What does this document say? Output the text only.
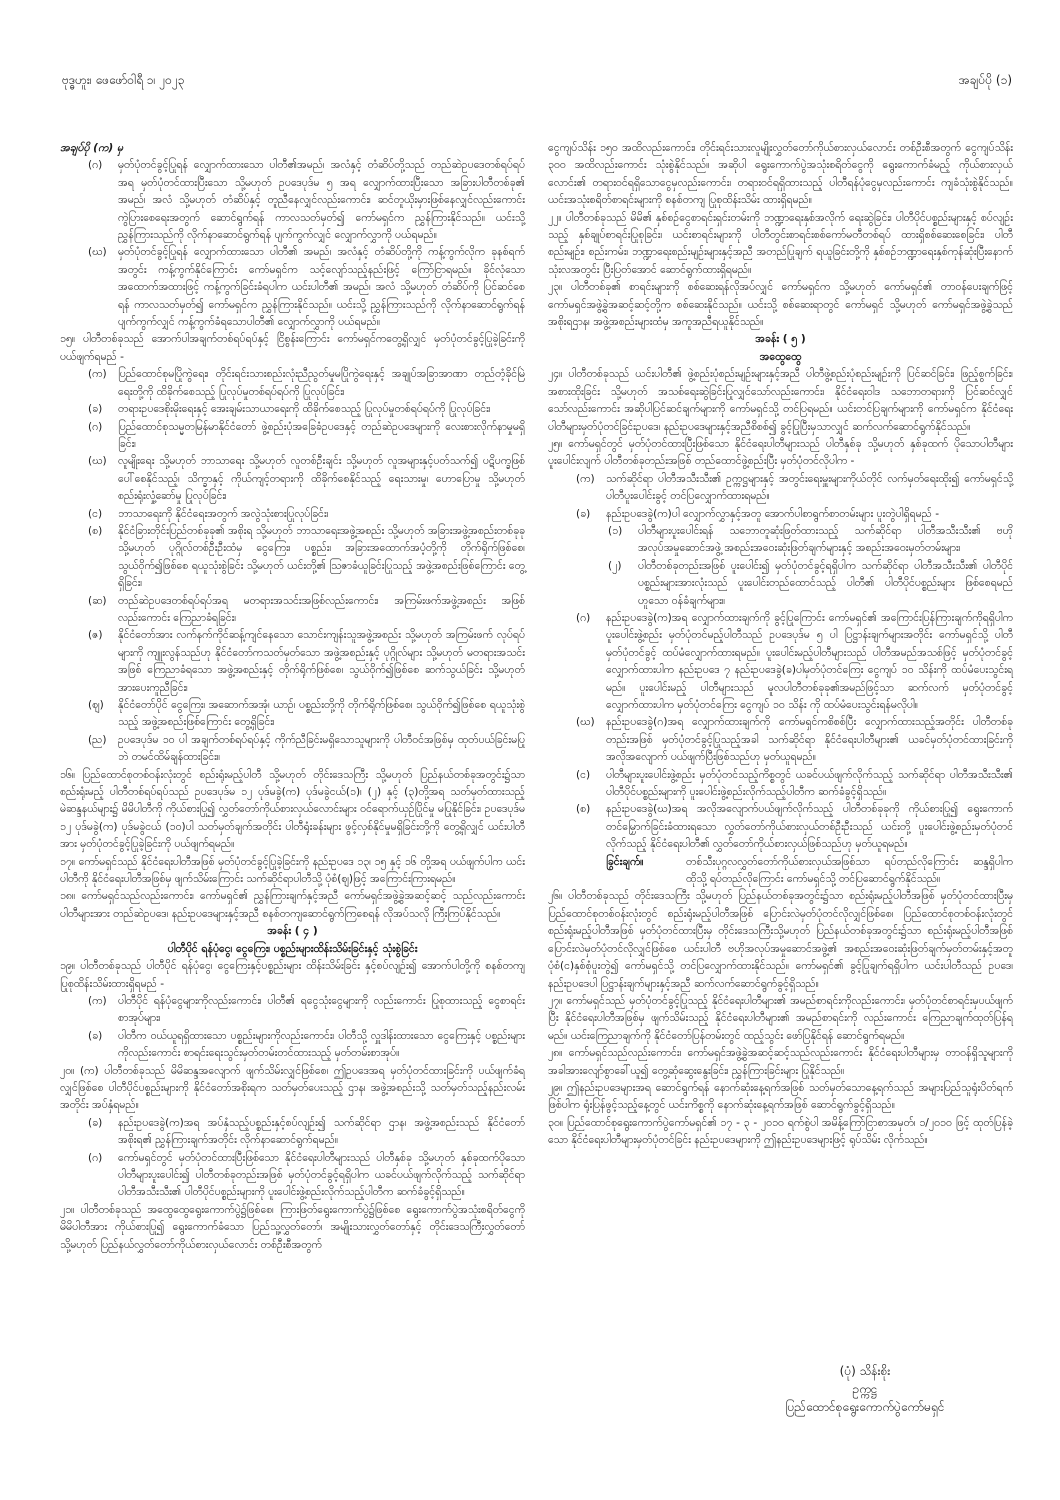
ဗုဒ္ဓဟူး၊ ဖေဖော်ဝါရီ ၁၊ ၂၀၂၃	အချပ်ပို (၁)
အချပ်ပို (က) မှ
(ဂ)	မှတ်ပုံတင်ခွင့်ပြုရန် လျှောက်ထားသော ပါတီ၏အမည်၊ အလံနှင့် တံဆိပ်တို့သည် တည်ဆဲဥပဒေတစ်ရပ်ရပ်အရ မှတ်ပုံတင်ထားပြီးသော သို့မဟုတ် ဥပဒေပုဒ်မ ၅ အရ လျှောက်ထားပြီးသော အခြားပါတီတစ်ခု၏ အမည်၊ အလံ သို့မဟုတ် တံဆိပ်နှင့် တူညီနေလျှင်လည်းကောင်း၊ ဆင်တူယိုးမှားဖြစ်နေလျှင်လည်းကောင်း ကွဲပြားစေရေးအတွက် ဆောင်ရွက်ရန် ကာလသတ်မှတ်၍ ကော်မရှင်က ညွှန်ကြားနိုင်သည်။ ယင်းသို့ ညွှန်ကြားသည်ကို လိုက်နာဆောင်ရွက်ရန် ပျက်ကွက်လျှင် လျှောက်လွှာကို ပယ်ရမည်။
(ဃ)	မှတ်ပုံတင်ခွင့်ပြုရန် လျှောက်ထားသော ပါတီ၏ အမည်၊ အလံနှင့် တံဆိပ်တို့ကို ကန့်ကွက်လိုက ခုနစ်ရက်အတွင်း ကန့်ကွက်နိုင်ကြောင်း ကော်မရှင်က သင့်လျော်သည့်နည်းဖြင့် ကြော်ငြာရမည်။ ခိုင်လုံသောအထောက်အထားဖြင့် ကန့်ကွက်ခြင်းခံရပါက ယင်းပါတီ၏ အမည်၊ အလံ သို့မဟုတ် တံဆိပ်ကို ပြင်ဆင်စေရန် ကာလသတ်မှတ်၍ ကော်မရှင်က ညွှန်ကြားနိုင်သည်။ ယင်းသို့ ညွှန်ကြားသည်ကို လိုက်နာဆောင်ရွက်ရန် ပျက်ကွက်လျှင် ကန့်ကွက်ခံရသောပါတီ၏ လျှောက်လွှာကို ပယ်ရမည်။
၁၅။ ပါတီတစ်ခုသည် အောက်ပါအချက်တစ်ရပ်ရပ်နှင့် ငြိစွန်းကြောင်း ကော်မရှင်ကတွေ့ရှိလျှင် မှတ်ပုံတင်ခွင့်ပြုခဲ့ခြင်းကို ပယ်ဖျက်ရမည် -
(က)	ပြည်ထောင်စုမပြိုကွဲရေး၊ တိုင်းရင်းသားစည်းလုံးညီညွတ်မှုမပြိုကွဲရေးနှင့် အချုပ်အခြာအာဏာ တည်တံ့ခိုင်မြဲရေးတို့ကို ထိခိုက်စေသည့် ပြုလုပ်မှုတစ်ရပ်ရပ်ကို ပြုလုပ်ခြင်း၊
(ခ)	တရားဥပဒေစိုးမိုးရေးနှင့် အေးချမ်းသာယာရေးကို ထိခိုက်စေသည့် ပြုလုပ်မှုတစ်ရပ်ရပ်ကို ပြုလုပ်ခြင်း၊
(ဂ)	ပြည်ထောင်စုသမ္မတမြန်မာနိုင်ငံတော် ဖွဲ့စည်းပုံအခြေခံဥပဒေနှင့် တည်ဆဲဥပဒေများကို လေးစားလိုက်နာမှုမရှိခြင်း၊
(ဃ)	လူမျိုးရေး သို့မဟုတ် ဘာသာရေး သို့မဟုတ် လူတစ်ဦးချင်း သို့မဟုတ် လူအများနှင့်ပတ်သက်၍ ပဋိပက္ခဖြစ်ပေါ်စေနိုင်သည့်၊ သိက္ခာနှင့် ကိုယ်ကျင့်တရားကို ထိခိုက်စေနိုင်သည့် ရေးသားမှု၊ ဟောပြောမှု သို့မဟုတ် စည်းရုံးလှုံ့ဆော်မှု ပြုလုပ်ခြင်း၊
(င)	ဘာသာရေးကို နိုင်ငံရေးအတွက် အလွဲသုံးစားပြုလုပ်ခြင်း၊
(စ)	နိုင်ငံခြားတိုင်းပြည်တစ်ခုခု၏ အစိုးရ သို့မဟုတ် ဘာသာရေးအဖွဲ့အစည်း သို့မဟုတ် အခြားအဖွဲ့အစည်းတစ်ခုခု သို့မဟုတ် ပုဂ္ဂိုလ်တစ်ဦးဦးထံမှ ငွေကြေး၊ ပစ္စည်း၊ အခြားအထောက်အပံ့တို့ကို တိုက်ရိုက်ဖြစ်စေ၊ သွယ်ဝိုက်၍ဖြစ်စေ ရယူသုံးစွဲခြင်း သို့မဟုတ် ယင်းတို့၏ ဩဇာခံယူခြင်းပြုသည့် အဖွဲ့အစည်းဖြစ်ကြောင်း တွေ့ရှိခြင်း၊
(ဆ)	တည်ဆဲဥပဒေတစ်ရပ်ရပ်အရ မတရားအသင်းအဖြစ်လည်းကောင်း၊ အကြမ်းဖက်အဖွဲ့အစည်း အဖြစ်လည်းကောင်း ကြေညာခံရခြင်း၊
(ဇ)	နိုင်ငံတော်အား လက်နက်ကိုင်ဆန့်ကျင်နေသော သောင်းကျန်းသူအဖွဲ့အစည်း သို့မဟုတ် အကြမ်းဖက် လုပ်ရပ်များကို ကျူးလွန်သည်ဟု နိုင်ငံတော်ကသတ်မှတ်သော အဖွဲ့အစည်းနှင့် ပုဂ္ဂိုလ်များ သို့မဟုတ် မတရားအသင်းအဖြစ် ကြေညာခံရသော အဖွဲ့အစည်းနှင့် တိုက်ရိုက်ဖြစ်စေ၊ သွယ်ဝိုက်၍ဖြစ်စေ ဆက်သွယ်ခြင်း သို့မဟုတ် အားပေးကူညီခြင်း၊
(ဈ)	နိုင်ငံတော်ပိုင် ငွေကြေး၊ အဆောက်အအုံ၊ ယာဉ်၊ ပစ္စည်းတို့ကို တိုက်ရိုက်ဖြစ်စေ၊ သွယ်ဝိုက်၍ဖြစ်စေ ရယူသုံးစွဲသည့် အဖွဲ့အစည်းဖြစ်ကြောင်း တွေ့ရှိခြင်း၊
(ည)	ဥပဒေပုဒ်မ ၁၀ ပါ အချက်တစ်ရပ်ရပ်နှင့် ကိုက်ညီခြင်းမရှိသောသူများကို ပါတီဝင်အဖြစ်မှ ထုတ်ပယ်ခြင်းမပြုဘဲ တမင်ထိမ်ချန်ထားခြင်း။
၁၆။ ပြည်ထောင်စုတစ်ဝန်းလုံးတွင် စည်းရုံးမည့်ပါတီ သို့မဟုတ် တိုင်းဒေသကြီး သို့မဟုတ် ပြည်နယ်တစ်ခုအတွင်း၌သာ စည်းရုံးမည့် ပါတီတစ်ရပ်ရပ်သည် ဥပဒေပုဒ်မ ၁၂ ပုဒ်မခွဲ(က) ပုဒ်မခွဲငယ်(၁)၊ (၂) နှင့် (၃)တို့အရ သတ်မှတ်ထားသည့် မဲဆန္ဒနယ်များ၌ မိမိပါတီကို ကိုယ်စားပြု၍ လွှတ်တော်ကိုယ်စားလှယ်လောင်းများ ဝင်ရောက်ယှဉ်ပြိုင်မှု မပြုနိုင်ခြင်း၊ ဥပဒေပုဒ်မ ၁၂ ပုဒ်မခွဲ(က) ပုဒ်မခွဲငယ် (၁၀)ပါ သတ်မှတ်ချက်အတိုင်း ပါတီရုံးခန်းများ ဖွင့်လှစ်နိုင်မှုမရှိခြင်းတို့ကို တွေ့ရှိလျှင် ယင်းပါတီအား မှတ်ပုံတင်ခွင့်ပြုခဲ့ခြင်းကို ပယ်ဖျက်ရမည်။
၁၇။ ကော်မရှင်သည် နိုင်ငံရေးပါတီအဖြစ် မှတ်ပုံတင်ခွင့်ပြုခဲ့ခြင်းကို နည်းဥပဒေ ၁၃၊ ၁၅ နှင့် ၁၆ တို့အရ ပယ်ဖျက်ပါက ယင်းပါတီကို နိုင်ငံရေးပါတီအဖြစ်မှ ဖျက်သိမ်းကြောင်း သက်ဆိုင်ရာပါတီသို့ ပုံစံ(ဈ)ဖြင့် အကြောင်းကြားရမည်။
၁၈။ ကော်မရှင်သည်လည်းကောင်း၊ ကော်မရှင်၏ ညွှန်ကြားချက်နှင့်အညီ ကော်မရှင်အဖွဲ့ခွဲအဆင့်ဆင့် သည်လည်းကောင်း ပါတီများအား တည်ဆဲဥပဒေ၊ နည်းဥပဒေများနှင့်အညီ စနစ်တကျဆောင်ရွက်ကြစေရန် လိုအပ်သလို ကြီးကြပ်နိုင်သည်။
အခန်း ( ၄ )
ပါတီပိုင် ရန်ပုံငွေ၊ ငွေကြေး၊ ပစ္စည်းများထိန်းသိမ်းခြင်းနှင့် သုံးစွဲခြင်း
၁၉။ ပါတီတစ်ခုသည် ပါတီပိုင် ရန်ပုံငွေ၊ ငွေကြေးနှင့်ပစ္စည်းများ ထိန်းသိမ်းခြင်း နှင့်စပ်လျဉ်း၍ အောက်ပါတို့ကို စနစ်တကျ ပြုစုထိန်းသိမ်းထားရှိရမည် -
(က)	ပါတီပိုင် ရန်ပုံငွေများကိုလည်းကောင်း၊ ပါတီ၏ ရငွေသုံးငွေများကို လည်းကောင်း ပြုစုထားသည့် ငွေစာရင်းစာအုပ်များ၊
(ခ)	ပါတီက ဝယ်ယူရရှိထားသော ပစ္စည်းများကိုလည်းကောင်း၊ ပါတီသို့ လှူဒါန်းထားသော ငွေကြေးနှင့် ပစ္စည်းများကိုလည်းကောင်း စာရင်းရေးသွင်းမှတ်တမ်းတင်ထားသည့် မှတ်တမ်းစာအုပ်။
၂၀။ (က) ပါတီတစ်ခုသည် မိမိဆန္ဒအလျောက် ဖျက်သိမ်းလျှင်ဖြစ်စေ၊ ဤဥပဒေအရ မှတ်ပုံတင်ထားခြင်းကို ပယ်ဖျက်ခံရလျှင်ဖြစ်စေ ပါတီပိုင်ပစ္စည်းများကို နိုင်ငံတော်အစိုးရက သတ်မှတ်ပေးသည့် ဌာန၊ အဖွဲ့အစည်းသို့ သတ်မှတ်သည့်နည်းလမ်းအတိုင်း အပ်နှံရမည်။
(ခ)	နည်းဥပဒေခွဲ(က)အရ အပ်နှံသည့်ပစ္စည်းနှင့်စပ်လျဉ်း၍ သက်ဆိုင်ရာ ဌာန၊ အဖွဲ့အစည်းသည် နိုင်ငံတော်အစိုးရ၏ ညွှန်ကြားချက်အတိုင်း လိုက်နာဆောင်ရွက်ရမည်။
(ဂ)	ကော်မရှင်တွင် မှတ်ပုံတင်ထားပြီးဖြစ်သော နိုင်ငံရေးပါတီများသည် ပါတီနှစ်ခု သို့မဟုတ် နှစ်ခုထက်ပိုသော ပါတီများပူးပေါင်း၍ ပါတီတစ်ခုတည်းအဖြစ် မှတ်ပုံတင်ခွင့်ရရှိပါက ယခင်ပယ်ဖျက်လိုက်သည့် သက်ဆိုင်ရာ ပါတီအသီးသီး၏ ပါတီပိုင်ပစ္စည်းများကို ပူးပေါင်းဖွဲ့စည်းလိုက်သည့်ပါတီက ဆက်ခံခွင့်ရှိသည်။
၂၁။ ပါတီတစ်ခုသည် အထွေထွေရွေးကောက်ပွဲ၌ဖြစ်စေ၊ ကြားဖြတ်ရွေးကောက်ပွဲ၌ဖြစ်စေ ရွေးကောက်ပွဲအသုံးစရိတ်ငွေကို မိမိပါတီအား ကိုယ်စားပြု၍ ရွေးကောက်ခံသော ပြည်သူ့လွှတ်တော်၊ အမျိုးသားလွှတ်တော်နှင့် တိုင်းဒေသကြီးလွှတ်တော် သို့မဟုတ် ပြည်နယ်လွှတ်တော်ကိုယ်စားလှယ်လောင်း တစ်ဦးစီအတွက်
ငွေကျပ်သိန်း ၁၅၀ အထိလည်းကောင်း၊ တိုင်းရင်းသားလူမျိုးလွှတ်တော်ကိုယ်စားလှယ်လောင်း တစ်ဦးစီအတွက် ငွေကျပ်သိန်း ၃၀၀ အထိလည်းကောင်း သုံးစွဲနိုင်သည်။ အဆိုပါ ရွေးကောက်ပွဲအသုံးစရိတ်ငွေကို ရွေးကောက်ခံမည့် ကိုယ်စားလှယ်လောင်း၏ တရားဝင်ရရှိသောငွေမှလည်းကောင်း၊ တရားဝင်ရရှိထားသည့် ပါတီရန်ပုံငွေမှလည်းကောင်း ကျခံသုံးစွဲနိုင်သည်။ ယင်းအသုံးစရိတ်စာရင်းများကို စနစ်တကျ ပြုစုထိန်းသိမ်း ထားရှိရမည်။
၂၂။ ပါတီတစ်ခုသည် မိမိ၏ နှစ်စဉ်ငွေစာရင်းရှင်းတမ်းကို ဘဏ္ဍာရေးနှစ်အလိုက် ရေးဆွဲခြင်း၊ ပါတီပိုင်ပစ္စည်းများနှင့် စပ်လျဉ်းသည့် နှစ်ချုပ်စာရင်းပြုစုခြင်း၊ ယင်းစာရင်းများကို ပါတီတွင်းစာရင်းစစ်ကော်မတီတစ်ရပ် ထားရှိစစ်ဆေးစေခြင်း၊ ပါတီစည်းမျဉ်း၊ စည်းကမ်း၊ ဘဏ္ဍာရေးစည်းမျဉ်းများနှင့်အညီ အတည်ပြုချက် ရယူခြင်းတို့ကို နှစ်စဉ်ဘဏ္ဍာရေးနှစ်ကုန်ဆုံးပြီးနောက် သုံးလအတွင်း ပြီးပြတ်အောင် ဆောင်ရွက်ထားရှိရမည်။
၂၃။ ပါတီတစ်ခု၏ စာရင်းများကို စစ်ဆေးရန်လိုအပ်လျှင် ကော်မရှင်က သို့မဟုတ် ကော်မရှင်၏ တာဝန်ပေးချက်ဖြင့် ကော်မရှင်အဖွဲ့ခွဲအဆင့်ဆင့်တို့က စစ်ဆေးနိုင်သည်။ ယင်းသို့ စစ်ဆေးရာတွင် ကော်မရှင် သို့မဟုတ် ကော်မရှင်အဖွဲ့ခွဲသည် အစိုးရဌာန၊ အဖွဲ့အစည်းများထံမှ အကူအညီရယူနိုင်သည်။
အခန်း ( ၅ )
အထွေထွေ
၂၄။ ပါတီတစ်ခုသည် ယင်းပါတီ၏ ဖွဲ့စည်းပုံစည်းမျဉ်းများနှင့်အညီ ပါတီဖွဲ့စည်းပုံစည်းမျဉ်းကို ပြင်ဆင်ခြင်း၊ ဖြည့်စွက်ခြင်း၊ အစားထိုးခြင်း သို့မဟုတ် အသစ်ရေးဆွဲခြင်းပြုလျှင်သော်လည်းကောင်း၊ နိုင်ငံရေးဝါဒ သဘောတရားကို ပြင်ဆင်လျှင်သော်လည်းကောင်း အဆိုပါပြင်ဆင်ချက်များကို ကော်မရှင်သို့ တင်ပြရမည်။ ယင်းတင်ပြချက်များကို ကော်မရှင်က နိုင်ငံရေးပါတီများမှတ်ပုံတင်ခြင်းဥပဒေ၊ နည်းဥပဒေများနှင့်အညီစိစစ်၍ ခွင့်ပြုပြီးမှသာလျှင် ဆက်လက်ဆောင်ရွက်နိုင်သည်။
၂၅။ ကော်မရှင်တွင် မှတ်ပုံတင်ထားပြီးဖြစ်သော နိုင်ငံရေးပါတီများသည် ပါတီနှစ်ခု သို့မဟုတ် နှစ်ခုထက် ပိုသောပါတီများ ပူးပေါင်းလျက် ပါတီတစ်ခုတည်းအဖြစ် တည်ထောင်ဖွဲ့စည်းပြီး မှတ်ပုံတင်လိုပါက -
(က)	သက်ဆိုင်ရာ ပါတီအသီးသီး၏ ဥက္ကဋ္ဌများနှင့် အတွင်းရေးမှူးများကိုယ်တိုင် လက်မှတ်ရေးထိုး၍ ကော်မရှင်သို့ ပါတီပူးပေါင်းခွင့် တင်ပြလျှောက်ထားရမည်။
(ခ)	နည်းဥပဒေခွဲ(က)ပါ လျှောက်လွှာနှင့်အတူ အောက်ပါစာရွက်စာတမ်းများ ပူးတွဲပါရှိရမည် -
(၁)	ပါတီများပူးပေါင်းရန် သဘောတူဆုံးဖြတ်ထားသည့် သက်ဆိုင်ရာ ပါတီအသီးသီး၏ ဗဟို အလုပ်အမှုဆောင်အဖွဲ့ အစည်းအဝေးဆုံးဖြတ်ချက်များနှင့် အစည်းအဝေးမှတ်တမ်းများ၊
(၂)	ပါတီတစ်ခုတည်းအဖြစ် ပူးပေါင်း၍ မှတ်ပုံတင်ခွင့်ရရှိပါက သက်ဆိုင်ရာ ပါတီအသီးသီး၏ ပါတီပိုင်ပစ္စည်းများအားလုံးသည် ပူးပေါင်းတည်ထောင်သည့် ပါတီ၏ ပါတီပိုင်ပစ္စည်းများ ဖြစ်စေရမည်ဟူသော ဝန်ခံချက်များ။
(ဂ)	နည်းဥပဒေခွဲ(က)အရ လျှောက်ထားချက်ကို ခွင့်ပြုကြောင်း ကော်မရှင်၏ အကြောင်းပြန်ကြားချက်ကိုရရှိပါက ပူးပေါင်းဖွဲ့စည်း မှတ်ပုံတင်မည့်ပါတီသည် ဥပဒေပုဒ်မ ၅ ပါ ပြဋ္ဌာန်းချက်များအတိုင်း ကော်မရှင်သို့ ပါတီမှတ်ပုံတင်ခွင့် ထပ်မံလျှောက်ထားရမည်။ ပူးပေါင်းမည့်ပါတီများသည် ပါတီအမည်အသစ်ဖြင့် မှတ်ပုံတင်ခွင့်လျှောက်ထားပါက နည်းဥပဒေ ၇ နည်းဥပဒေခွဲ(ခ)ပါမှတ်ပုံတင်ကြေး ငွေကျပ် ၁၀ သိန်းကို ထပ်မံပေးသွင်းရမည်။ ပူးပေါင်းမည့် ပါတီများသည် မူလပါတီတစ်ခုခု၏အမည်ဖြင့်သာ ဆက်လက် မှတ်ပုံတင်ခွင့် လျှောက်ထားပါက မှတ်ပုံတင်ကြေး ငွေကျပ် ၁၀ သိန်း ကို ထပ်မံပေးသွင်းရန်မလိုပါ။
(ဃ)	နည်းဥပဒေခွဲ(ဂ)အရ လျှောက်ထားချက်ကို ကော်မရှင်ကစိစစ်ပြီး လျှောက်ထားသည့်အတိုင်း ပါတီတစ်ခုတည်းအဖြစ် မှတ်ပုံတင်ခွင့်ပြုသည့်အခါ သက်ဆိုင်ရာ နိုင်ငံရေးပါတီများ၏ ယခင်မှတ်ပုံတင်ထားခြင်းကို အလိုအလျောက် ပယ်ဖျက်ပြီးဖြစ်သည်ဟု မှတ်ယူရမည်။
(င)	ပါတီများပူးပေါင်းဖွဲ့စည်း မှတ်ပုံတင်သည့်ကိစ္စတွင် ယခင်ပယ်ဖျက်လိုက်သည့် သက်ဆိုင်ရာ ပါတီအသီးသီး၏ ပါတီပိုင်ပစ္စည်းများကို ပူးပေါင်းဖွဲ့စည်းလိုက်သည့်ပါတီက ဆက်ခံခွင့်ရှိသည်။
(စ)	နည်းဥပဒေခွဲ(ဃ)အရ အလိုအလျောက်ပယ်ဖျက်လိုက်သည့် ပါတီတစ်ခုခုကို ကိုယ်စားပြု၍ ရွေးကောက်တင်မြှောက်ခြင်းခံထားရသော လွှတ်တော်ကိုယ်စားလှယ်တစ်ဦးဦးသည် ယင်းတို့ ပူးပေါင်းဖွဲ့စည်းမှတ်ပုံတင်လိုက်သည့် နိုင်ငံရေးပါတီ၏ လွှတ်တော်ကိုယ်စားလှယ်ဖြစ်သည်ဟု မှတ်ယူရမည်။
ခြွင်းချက်။	တစ်သီးပုဂ္ဂလလွှတ်တော်ကိုယ်စားလှယ်အဖြစ်သာ ရပ်တည်လိုကြောင်း ဆန္ဒရှိပါက ထိုသို့ ရပ်တည်လိုကြောင်း ကော်မရှင်သို့ တင်ပြဆောင်ရွက်နိုင်သည်။
၂၆။ ပါတီတစ်ခုသည် တိုင်းဒေသကြီး သို့မဟုတ် ပြည်နယ်တစ်ခုအတွင်း၌သာ စည်းရုံးမည့်ပါတီအဖြစ် မှတ်ပုံတင်ထားပြီးမှ ပြည်ထောင်စုတစ်ဝန်းလုံးတွင် စည်းရုံးမည့်ပါတီအဖြစ် ပြောင်းလဲမှတ်ပုံတင်လိုလျှင်ဖြစ်စေ၊ ပြည်ထောင်စုတစ်ဝန်းလုံးတွင် စည်းရုံးမည့်ပါတီအဖြစ် မှတ်ပုံတင်ထားပြီးမှ တိုင်းဒေသကြီးသို့မဟုတ် ပြည်နယ်တစ်ခုအတွင်း၌သာ စည်းရုံးမည့်ပါတီအဖြစ် ပြောင်းလဲမှတ်ပုံတင်လိုလျှင်ဖြစ်စေ ယင်းပါတီ ဗဟိုအလုပ်အမှုဆောင်အဖွဲ့၏ အစည်းအဝေးဆုံးဖြတ်ချက်မှတ်တမ်းနှင့်အတူ ပုံစံ(င)နှစ်စုံပူးတွဲ၍ ကော်မရှင်သို့ တင်ပြလျှောက်ထားနိုင်သည်။ ကော်မရှင်၏ ခွင့်ပြုချက်ရရှိပါက ယင်းပါတီသည် ဥပဒေ၊ နည်းဥပဒေပါ ပြဋ္ဌာန်းချက်များနှင့်အညီ ဆက်လက်ဆောင်ရွက်ခွင့်ရှိသည်။
၂၇။ ကော်မရှင်သည် မှတ်ပုံတင်ခွင့်ပြုသည့် နိုင်ငံရေးပါတီများ၏ အမည်စာရင်းကိုလည်းကောင်း၊ မှတ်ပုံတင်စာရင်းမှပယ်ဖျက်ပြီး နိုင်ငံရေးပါတီအဖြစ်မှ ဖျက်သိမ်းသည့် နိုင်ငံရေးပါတီများ၏ အမည်စာရင်းကို လည်းကောင်း ကြေညာချက်ထုတ်ပြန်ရမည်။ ယင်းကြေညာချက်ကို နိုင်ငံတော်ပြန်တမ်းတွင် ထည့်သွင်း ဖော်ပြနိုင်ရန် ဆောင်ရွက်ရမည်။
၂၈။ ကော်မရှင်သည်လည်းကောင်း၊ ကော်မရှင်အဖွဲ့ခွဲအဆင့်ဆင့်သည်လည်းကောင်း နိုင်ငံရေးပါတီများမှ တာဝန်ရှိသူများကို အခါအားလျော်စွာခေါ်ယူ၍ တွေ့ဆုံဆွေးနွေးခြင်း၊ ညွှန်ကြားခြင်းများ ပြုနိုင်သည်။
၂၉။ ဤနည်းဥပဒေများအရ ဆောင်ရွက်ရန် နောက်ဆုံးနေ့ရက်အဖြစ် သတ်မှတ်သောနေ့ရက်သည် အများပြည်သူရုံးပိတ်ရက်ဖြစ်ပါက ရုံးပြန်ဖွင့်သည့်နေ့တွင် ယင်းကိစ္စကို နောက်ဆုံးနေ့ရက်အဖြစ် ဆောင်ရွက်ခွင့်ရှိသည်။
၃၀။ ပြည်ထောင်စုရွေးကောက်ပွဲကော်မရှင်၏ ၁၇ - ၃ - ၂၀၁၀ ရက်စွဲပါ အမိန့်ကြော်ငြာစာအမှတ်၊ ၁/၂၀၁၀ ဖြင့် ထုတ်ပြန်ခဲ့သော နိုင်ငံရေးပါတီများမှတ်ပုံတင်ခြင်း နည်းဥပဒေများကို ဤနည်းဥပဒေများဖြင့် ရုပ်သိမ်း လိုက်သည်။
(ပုံ) သိန်းစိုး
ဥက္ကဋ္ဌ
ပြည်ထောင်စုရွေးကောက်ပွဲကော်မရှင်
